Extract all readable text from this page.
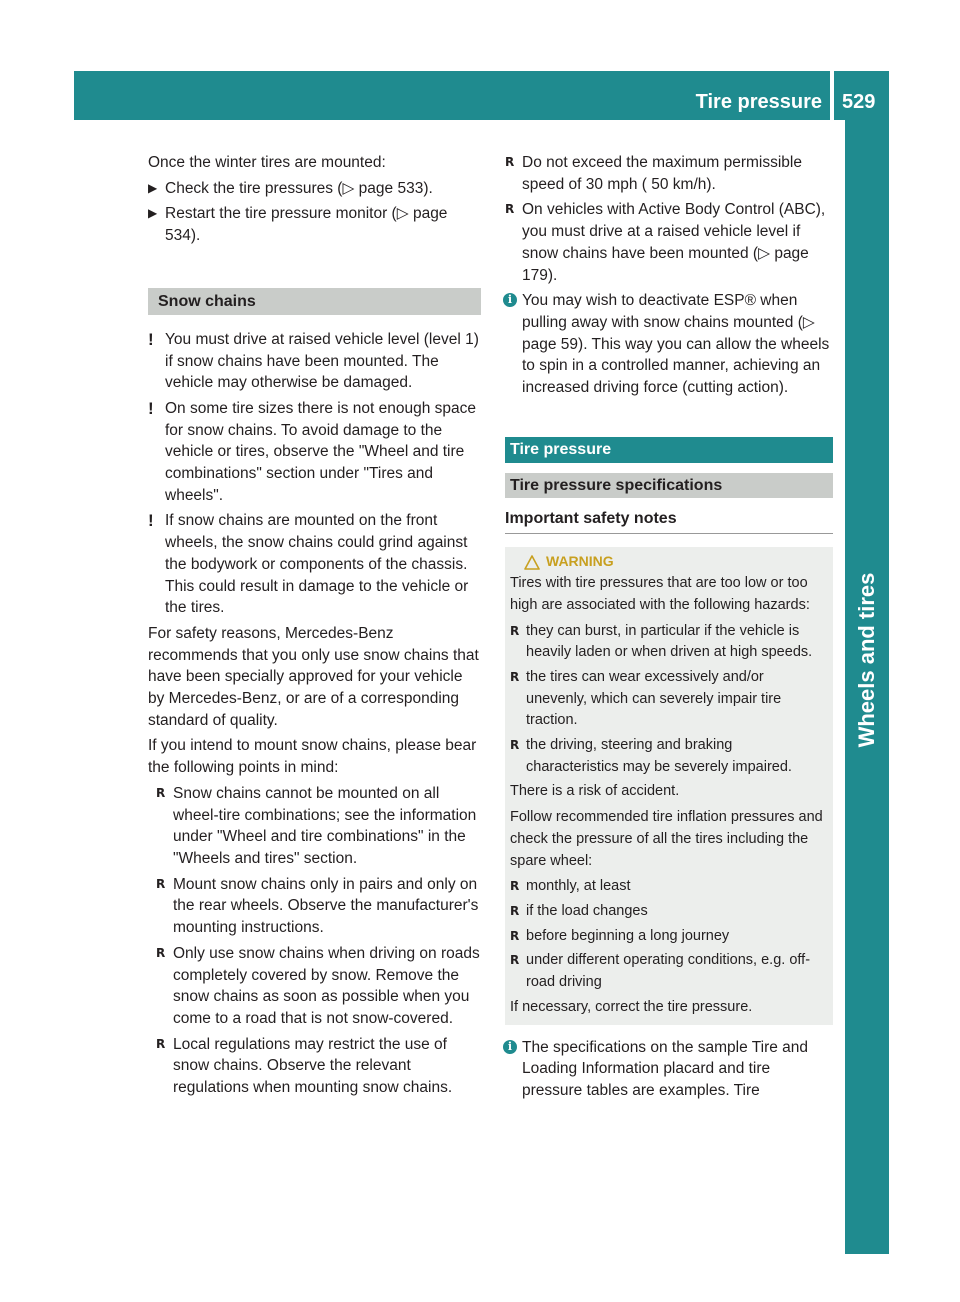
Tire pressure 529
Wheels and tires

Once the winter tires are mounted:

▶ Check the tire pressures (▷ page 533).
▶ Restart the tire pressure monitor (▷ page 534).
Snow chains
! You must drive at raised vehicle level (level 1) if snow chains have been mounted. The vehicle may otherwise be damaged.
! On some tire sizes there is not enough space for snow chains. To avoid damage to the vehicle or tires, observe the "Wheel and tire combinations" section under "Tires and wheels".
! If snow chains are mounted on the front wheels, the snow chains could grind against the bodywork or components of the chassis. This could result in damage to the vehicle or the tires.

For safety reasons, Mercedes-Benz recommends that you only use snow chains that have been specially approved for your vehicle by Mercedes-Benz, or are of a corresponding standard of quality.

If you intend to mount snow chains, please bear the following points in mind:

R Snow chains cannot be mounted on all wheel-tire combinations; see the information under "Wheel and tire combinations" in the "Wheels and tires" section.
R Mount snow chains only in pairs and only on the rear wheels. Observe the manufacturer's mounting instructions.
R Only use snow chains when driving on roads completely covered by snow. Remove the snow chains as soon as possible when you come to a road that is not snow-covered.
R Local regulations may restrict the use of snow chains. Observe the relevant regulations when mounting snow chains.
R Do not exceed the maximum permissible speed of 30 mph ( 50 km/h).
R On vehicles with Active Body Control (ABC), you must drive at a raised vehicle level if snow chains have been mounted (▷ page 179).
i You may wish to deactivate ESP® when pulling away with snow chains mounted (▷ page 59). This way you can allow the wheels to spin in a controlled manner, achieving an increased driving force (cutting action).
Tire pressure
Tire pressure specifications
Important safety notes
WARNING

Tires with tire pressures that are too low or too high are associated with the following hazards:

R they can burst, in particular if the vehicle is heavily laden or when driven at high speeds.
R the tires can wear excessively and/or unevenly, which can severely impair tire traction.
R the driving, steering and braking characteristics may be severely impaired.

There is a risk of accident.

Follow recommended tire inflation pressures and check the pressure of all the tires including the spare wheel:

R monthly, at least
R if the load changes
R before beginning a long journey
R under different operating conditions, e.g. off-road driving

If necessary, correct the tire pressure.

i The specifications on the sample Tire and Loading Information placard and tire pressure tables are examples. Tire
